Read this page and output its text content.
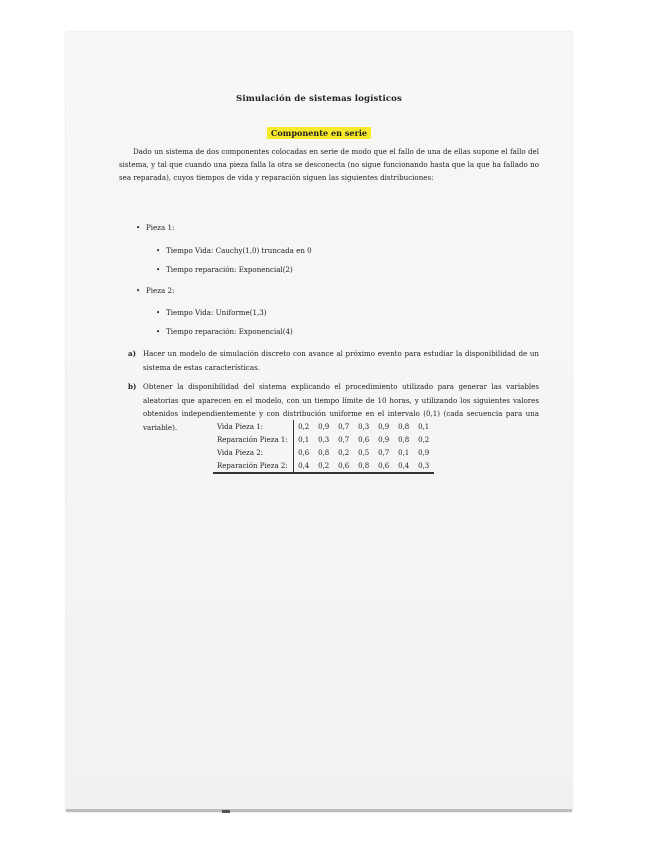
Simulación de sistemas logísticos
Componente en serie

Dado un sistema de dos componentes colocadas en serie de modo que el fallo de una de ellas supone el fallo del sistema, y tal que cuando una pieza falla la otra se desconecta (no sigue funcionando hasta que la que ha fallado no sea reparada), cuyos tiempos de vida y reparación siguen las siguientes distribuciones:

• Pieza 1:
• Tiempo Vida: Cauchy(1,0) truncada en 0
• Tiempo reparación: Exponencial(2)
• Pieza 2:
• Tiempo Vida: Uniforme(1,3)
• Tiempo reparación: Exponencial(4)
a) Hacer un modelo de simulación discreto con avance al próximo evento para estudiar la disponibilidad de un sistema de estas características.
b) Obtener la disponibilidad del sistema explicando el procedimiento utilizado para generar las variables aleatorias que aparecen en el modelo, con un tiempo límite de 10 horas, y utilizando los siguientes valores obtenidos independientemente y con distribución uniforme en el intervalo (0,1) (cada secuencia para una variable).	Vida Pieza 1:	0,2	0,9	0,7	0,3	0,9	0,8	0,1
Reparación Pieza 1:	0,1	0,3	0,7	0,6	0,9	0,8	0,2
Vida Pieza 2:	0,6	0,8	0,2	0,5	0,7	0,1	0,9
Reparación Pieza 2:	0,4	0,2	0,6	0,8	0,6	0,4	0,3
